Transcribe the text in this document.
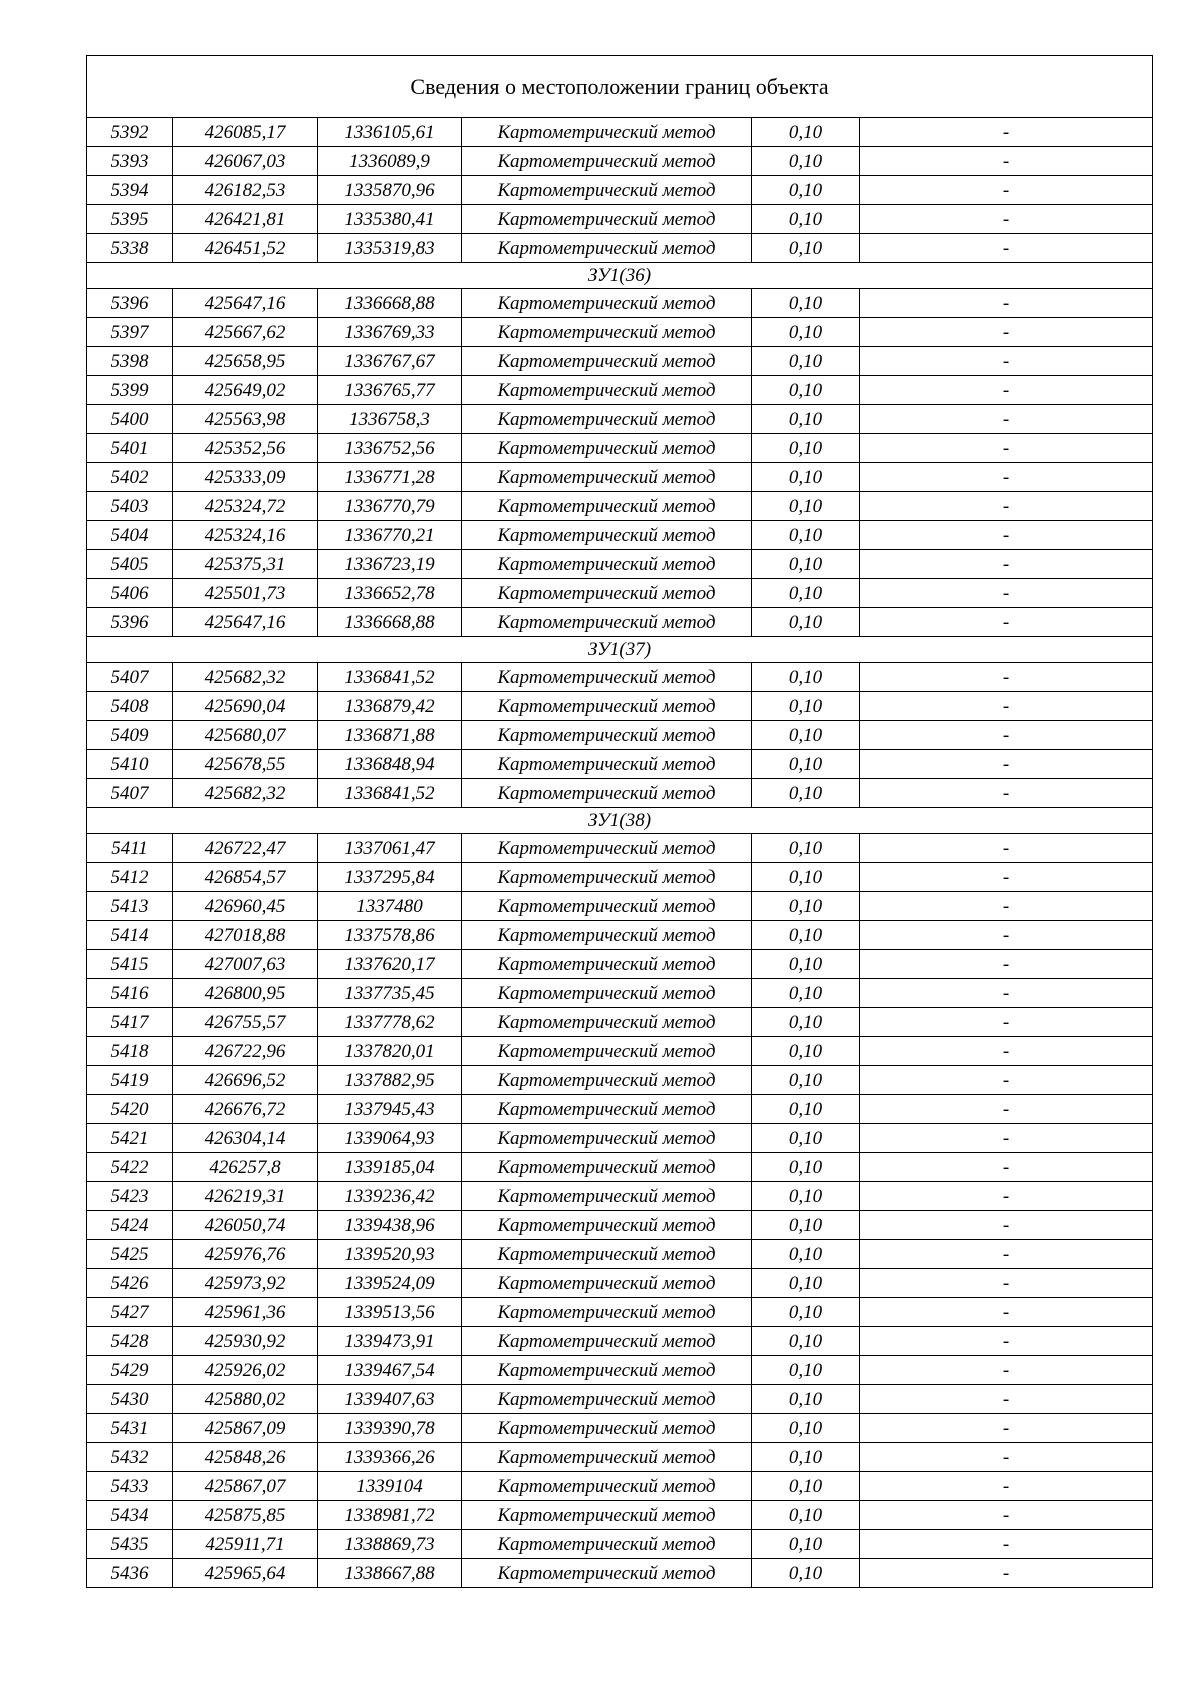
Сведения о местоположении границ объекта					
5392	426085,17	1336105,61	Картометрический метод	0,10	-
5393	426067,03	1336089,9	Картометрический метод	0,10	-
5394	426182,53	1335870,96	Картометрический метод	0,10	-
5395	426421,81	1335380,41	Картометрический метод	0,10	-
5338	426451,52	1335319,83	Картометрический метод	0,10	-
ЗУ1(36)					
5396	425647,16	1336668,88	Картометрический метод	0,10	-
5397	425667,62	1336769,33	Картометрический метод	0,10	-
5398	425658,95	1336767,67	Картометрический метод	0,10	-
5399	425649,02	1336765,77	Картометрический метод	0,10	-
5400	425563,98	1336758,3	Картометрический метод	0,10	-
5401	425352,56	1336752,56	Картометрический метод	0,10	-
5402	425333,09	1336771,28	Картометрический метод	0,10	-
5403	425324,72	1336770,79	Картометрический метод	0,10	-
5404	425324,16	1336770,21	Картометрический метод	0,10	-
5405	425375,31	1336723,19	Картометрический метод	0,10	-
5406	425501,73	1336652,78	Картометрический метод	0,10	-
5396	425647,16	1336668,88	Картометрический метод	0,10	-
ЗУ1(37)					
5407	425682,32	1336841,52	Картометрический метод	0,10	-
5408	425690,04	1336879,42	Картометрический метод	0,10	-
5409	425680,07	1336871,88	Картометрический метод	0,10	-
5410	425678,55	1336848,94	Картометрический метод	0,10	-
5407	425682,32	1336841,52	Картометрический метод	0,10	-
ЗУ1(38)					
5411	426722,47	1337061,47	Картометрический метод	0,10	-
5412	426854,57	1337295,84	Картометрический метод	0,10	-
5413	426960,45	1337480	Картометрический метод	0,10	-
5414	427018,88	1337578,86	Картометрический метод	0,10	-
5415	427007,63	1337620,17	Картометрический метод	0,10	-
5416	426800,95	1337735,45	Картометрический метод	0,10	-
5417	426755,57	1337778,62	Картометрический метод	0,10	-
5418	426722,96	1337820,01	Картометрический метод	0,10	-
5419	426696,52	1337882,95	Картометрический метод	0,10	-
5420	426676,72	1337945,43	Картометрический метод	0,10	-
5421	426304,14	1339064,93	Картометрический метод	0,10	-
5422	426257,8	1339185,04	Картометрический метод	0,10	-
5423	426219,31	1339236,42	Картометрический метод	0,10	-
5424	426050,74	1339438,96	Картометрический метод	0,10	-
5425	425976,76	1339520,93	Картометрический метод	0,10	-
5426	425973,92	1339524,09	Картометрический метод	0,10	-
5427	425961,36	1339513,56	Картометрический метод	0,10	-
5428	425930,92	1339473,91	Картометрический метод	0,10	-
5429	425926,02	1339467,54	Картометрический метод	0,10	-
5430	425880,02	1339407,63	Картометрический метод	0,10	-
5431	425867,09	1339390,78	Картометрический метод	0,10	-
5432	425848,26	1339366,26	Картометрический метод	0,10	-
5433	425867,07	1339104	Картометрический метод	0,10	-
5434	425875,85	1338981,72	Картометрический метод	0,10	-
5435	425911,71	1338869,73	Картометрический метод	0,10	-
5436	425965,64	1338667,88	Картометрический метод	0,10	-
